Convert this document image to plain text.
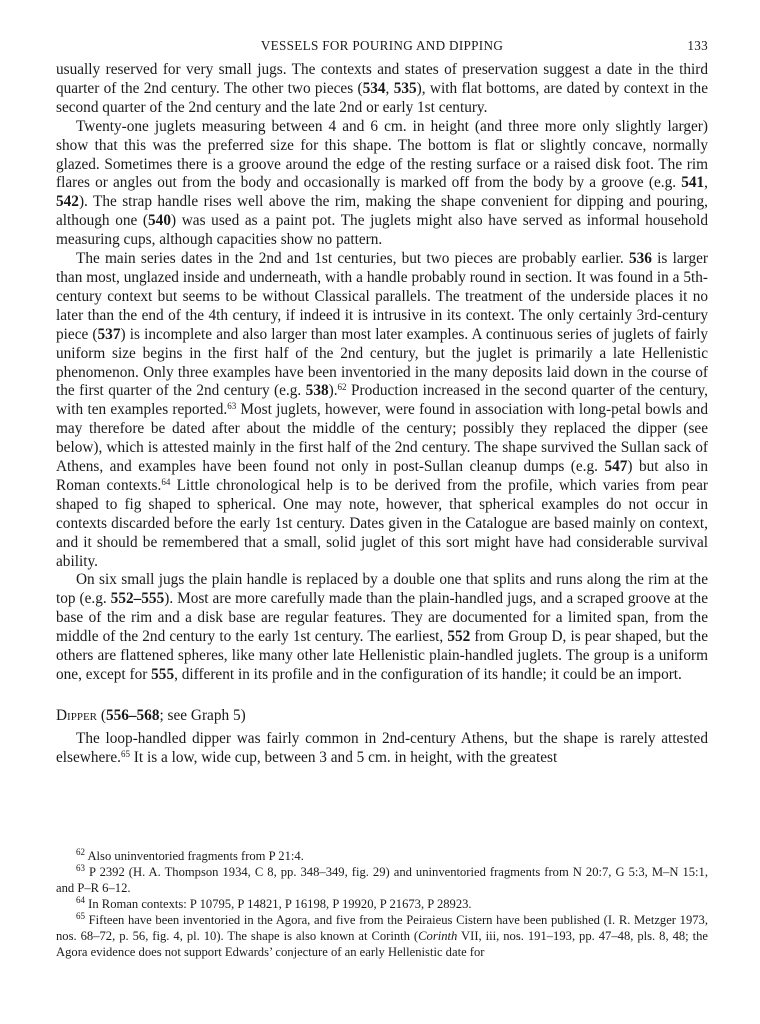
VESSELS FOR POURING AND DIPPING	133

usually reserved for very small jugs. The contexts and states of preservation suggest a date in the third quarter of the 2nd century. The other two pieces (534, 535), with flat bottoms, are dated by context in the second quarter of the 2nd century and the late 2nd or early 1st century.

Twenty-one juglets measuring between 4 and 6 cm. in height (and three more only slightly larger) show that this was the preferred size for this shape. The bottom is flat or slightly concave, normally glazed. Sometimes there is a groove around the edge of the resting surface or a raised disk foot. The rim flares or angles out from the body and occasionally is marked off from the body by a groove (e.g. 541, 542). The strap handle rises well above the rim, making the shape convenient for dipping and pouring, although one (540) was used as a paint pot. The juglets might also have served as informal household measuring cups, although capacities show no pattern.

The main series dates in the 2nd and 1st centuries, but two pieces are probably earlier. 536 is larger than most, unglazed inside and underneath, with a handle probably round in section. It was found in a 5th-century context but seems to be without Classical parallels. The treatment of the underside places it no later than the end of the 4th century, if indeed it is intrusive in its context. The only certainly 3rd-century piece (537) is incomplete and also larger than most later examples. A continuous series of juglets of fairly uniform size begins in the first half of the 2nd century, but the juglet is primarily a late Hellenistic phenomenon. Only three examples have been inventoried in the many deposits laid down in the course of the first quarter of the 2nd century (e.g. 538).$^{62}$ Production increased in the second quarter of the century, with ten examples reported.$^{63}$ Most juglets, however, were found in association with long-petal bowls and may therefore be dated after about the middle of the century; possibly they replaced the dipper (see below), which is attested mainly in the first half of the 2nd century. The shape survived the Sullan sack of Athens, and examples have been found not only in post-Sullan cleanup dumps (e.g. 547) but also in Roman contexts.$^{64}$ Little chronological help is to be derived from the profile, which varies from pear shaped to fig shaped to spherical. One may note, however, that spherical examples do not occur in contexts discarded before the early 1st century. Dates given in the Catalogue are based mainly on context, and it should be remembered that a small, solid juglet of this sort might have had considerable survival ability.

On six small jugs the plain handle is replaced by a double one that splits and runs along the rim at the top (e.g. 552–555). Most are more carefully made than the plain-handled jugs, and a scraped groove at the base of the rim and a disk base are regular features. They are documented for a limited span, from the middle of the 2nd century to the early 1st century. The earliest, 552 from Group D, is pear shaped, but the others are flattened spheres, like many other late Hellenistic plain-handled juglets. The group is a uniform one, except for 555, different in its profile and in the configuration of its handle; it could be an import.

Dipper (556–568; see Graph 5)

The loop-handled dipper was fairly common in 2nd-century Athens, but the shape is rarely attested elsewhere.$^{65}$ It is a low, wide cup, between 3 and 5 cm. in height, with the greatest

$^{62}$ Also uninventoried fragments from P 21:4.

$^{63}$ P 2392 (H. A. Thompson 1934, C 8, pp. 348–349, fig. 29) and uninventoried fragments from N 20:7, G 5:3, M–N 15:1, and P–R 6–12.

$^{64}$ In Roman contexts: P 10795, P 14821, P 16198, P 19920, P 21673, P 28923.

$^{65}$ Fifteen have been inventoried in the Agora, and five from the Peiraieus Cistern have been published (I. R. Metzger 1973, nos. 68–72, p. 56, fig. 4, pl. 10). The shape is also known at Corinth (Corinth VII, iii, nos. 191–193, pp. 47–48, pls. 8, 48; the Agora evidence does not support Edwards’ conjecture of an early Hellenistic date for
